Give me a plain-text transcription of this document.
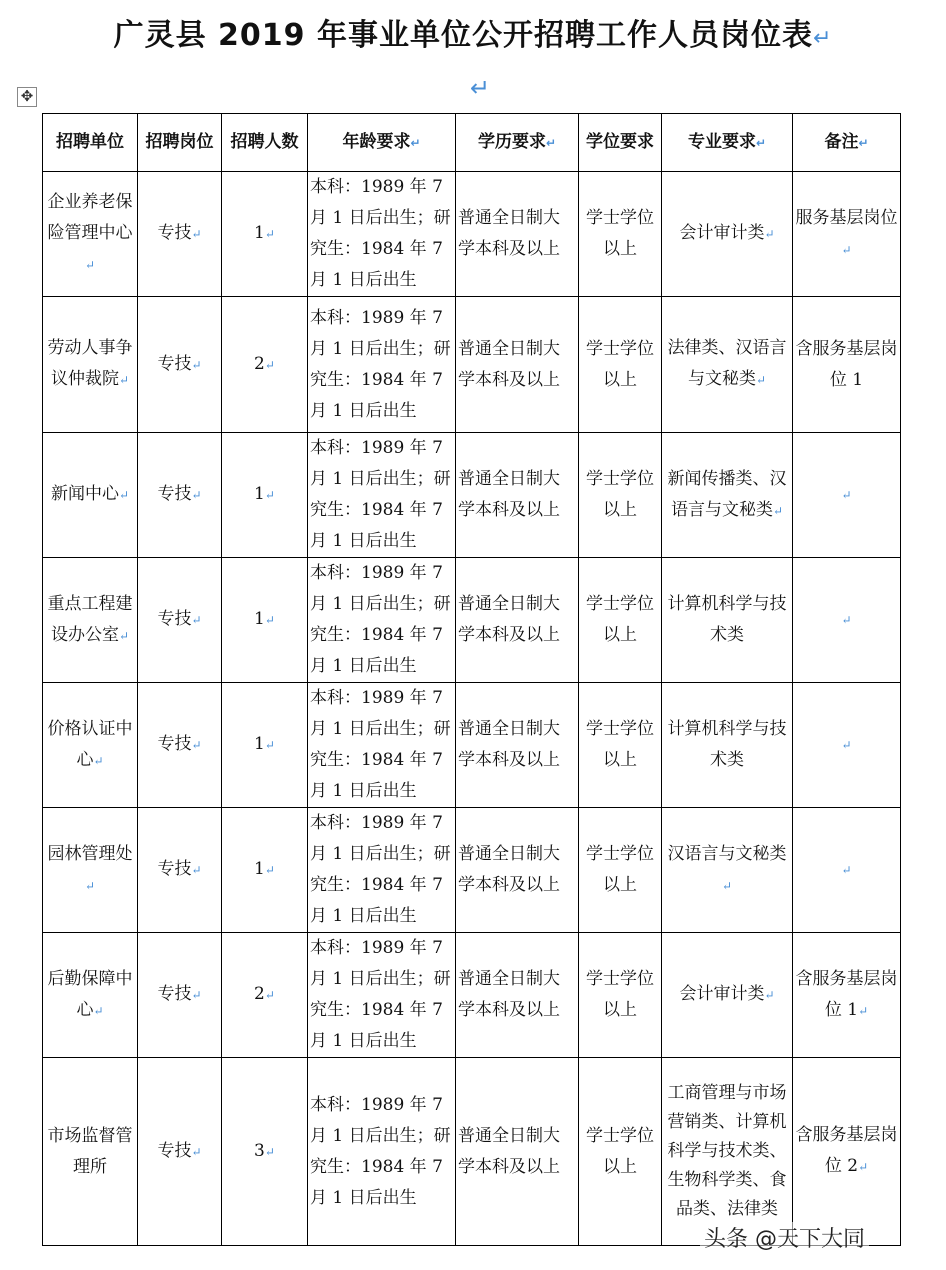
广灵县 2019 年事业单位公开招聘工作人员岗位表↵
✥	↵
招聘单位	招聘岗位	招聘人数	年龄要求↵	学历要求↵	学位要求	专业要求↵	备注↵
企业养老保险管理中心↵	专技↵	1↵	本科：1989 年 7 月 1 日后出生；研究生：1984 年 7 月 1 日后出生	普通全日制大学本科及以上	学士学位以上	会计审计类↵	服务基层岗位↵
劳动人事争议仲裁院↵	专技↵	2↵	本科：1989 年 7 月 1 日后出生；研究生：1984 年 7 月 1 日后出生	普通全日制大学本科及以上	学士学位以上	法律类、汉语言与文秘类↵	含服务基层岗位 1
新闻中心↵	专技↵	1↵	本科：1989 年 7 月 1 日后出生；研究生：1984 年 7 月 1 日后出生	普通全日制大学本科及以上	学士学位以上	新闻传播类、汉语言与文秘类↵	↵
重点工程建设办公室↵	专技↵	1↵	本科：1989 年 7 月 1 日后出生；研究生：1984 年 7 月 1 日后出生	普通全日制大学本科及以上	学士学位以上	计算机科学与技术类	↵
价格认证中心↵	专技↵	1↵	本科：1989 年 7 月 1 日后出生；研究生：1984 年 7 月 1 日后出生	普通全日制大学本科及以上	学士学位以上	计算机科学与技术类	↵
园林管理处↵	专技↵	1↵	本科：1989 年 7 月 1 日后出生；研究生：1984 年 7 月 1 日后出生	普通全日制大学本科及以上	学士学位以上	汉语言与文秘类↵	↵
后勤保障中心↵	专技↵	2↵	本科：1989 年 7 月 1 日后出生；研究生：1984 年 7 月 1 日后出生	普通全日制大学本科及以上	学士学位以上	会计审计类↵	含服务基层岗位 1↵
市场监督管理所	专技↵	3↵	本科：1989 年 7 月 1 日后出生；研究生：1984 年 7 月 1 日后出生	普通全日制大学本科及以上	学士学位以上	工商管理与市场营销类、计算机科学与技术类、生物科学类、食品类、法律类	含服务基层岗位 2↵
头条 @天下大同
